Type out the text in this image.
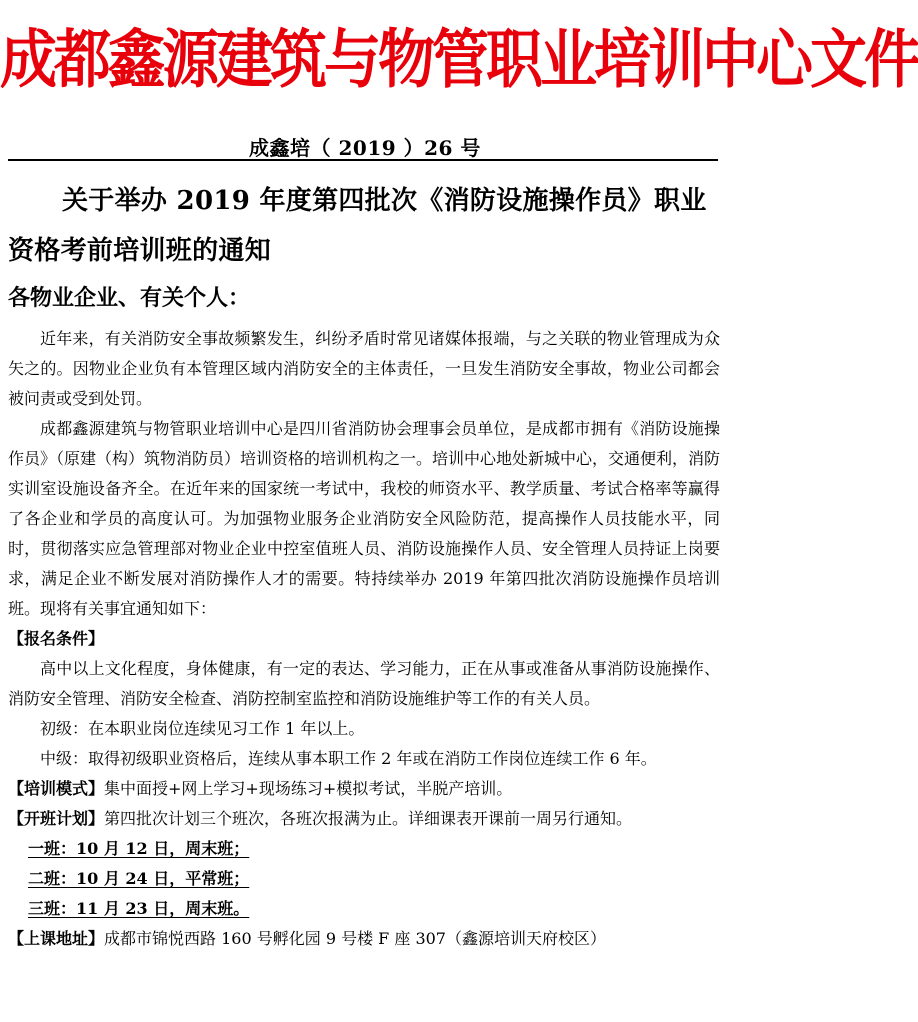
成都鑫源建筑与物管职业培训中心文件
成鑫培（ 2019 ）26 号
关于举办 2019 年度第四批次《消防设施操作员》职业资格考前培训班的通知
各物业企业、有关个人：

近年来，有关消防安全事故频繁发生，纠纷矛盾时常见诸媒体报端，与之关联的物业管理成为众矢之的。因物业企业负有本管理区域内消防安全的主体责任，一旦发生消防安全事故，物业公司都会被问责或受到处罚。

成都鑫源建筑与物管职业培训中心是四川省消防协会理事会员单位，是成都市拥有《消防设施操作员》（原建（构）筑物消防员）培训资格的培训机构之一。培训中心地处新城中心，交通便利，消防实训室设施设备齐全。在近年来的国家统一考试中，我校的师资水平、教学质量、考试合格率等赢得了各企业和学员的高度认可。为加强物业服务企业消防安全风险防范，提高操作人员技能水平，同时，贯彻落实应急管理部对物业企业中控室值班人员、消防设施操作人员、安全管理人员持证上岗要求，满足企业不断发展对消防操作人才的需要。特持续举办 2019 年第四批次消防设施操作员培训班。现将有关事宜通知如下：

【报名条件】

高中以上文化程度，身体健康，有一定的表达、学习能力，正在从事或准备从事消防设施操作、消防安全管理、消防安全检查、消防控制室监控和消防设施维护等工作的有关人员。

初级：在本职业岗位连续见习工作 1 年以上。

中级：取得初级职业资格后，连续从事本职工作 2 年或在消防工作岗位连续工作 6 年。

【培训模式】集中面授+网上学习+现场练习+模拟考试，半脱产培训。

【开班计划】第四批次计划三个班次，各班次报满为止。详细课表开课前一周另行通知。

一班：10 月 12 日，周末班；

二班：10 月 24 日，平常班；

三班：11 月 23 日，周末班。

【上课地址】成都市锦悦西路 160 号孵化园 9 号楼 F 座 307（鑫源培训天府校区）
